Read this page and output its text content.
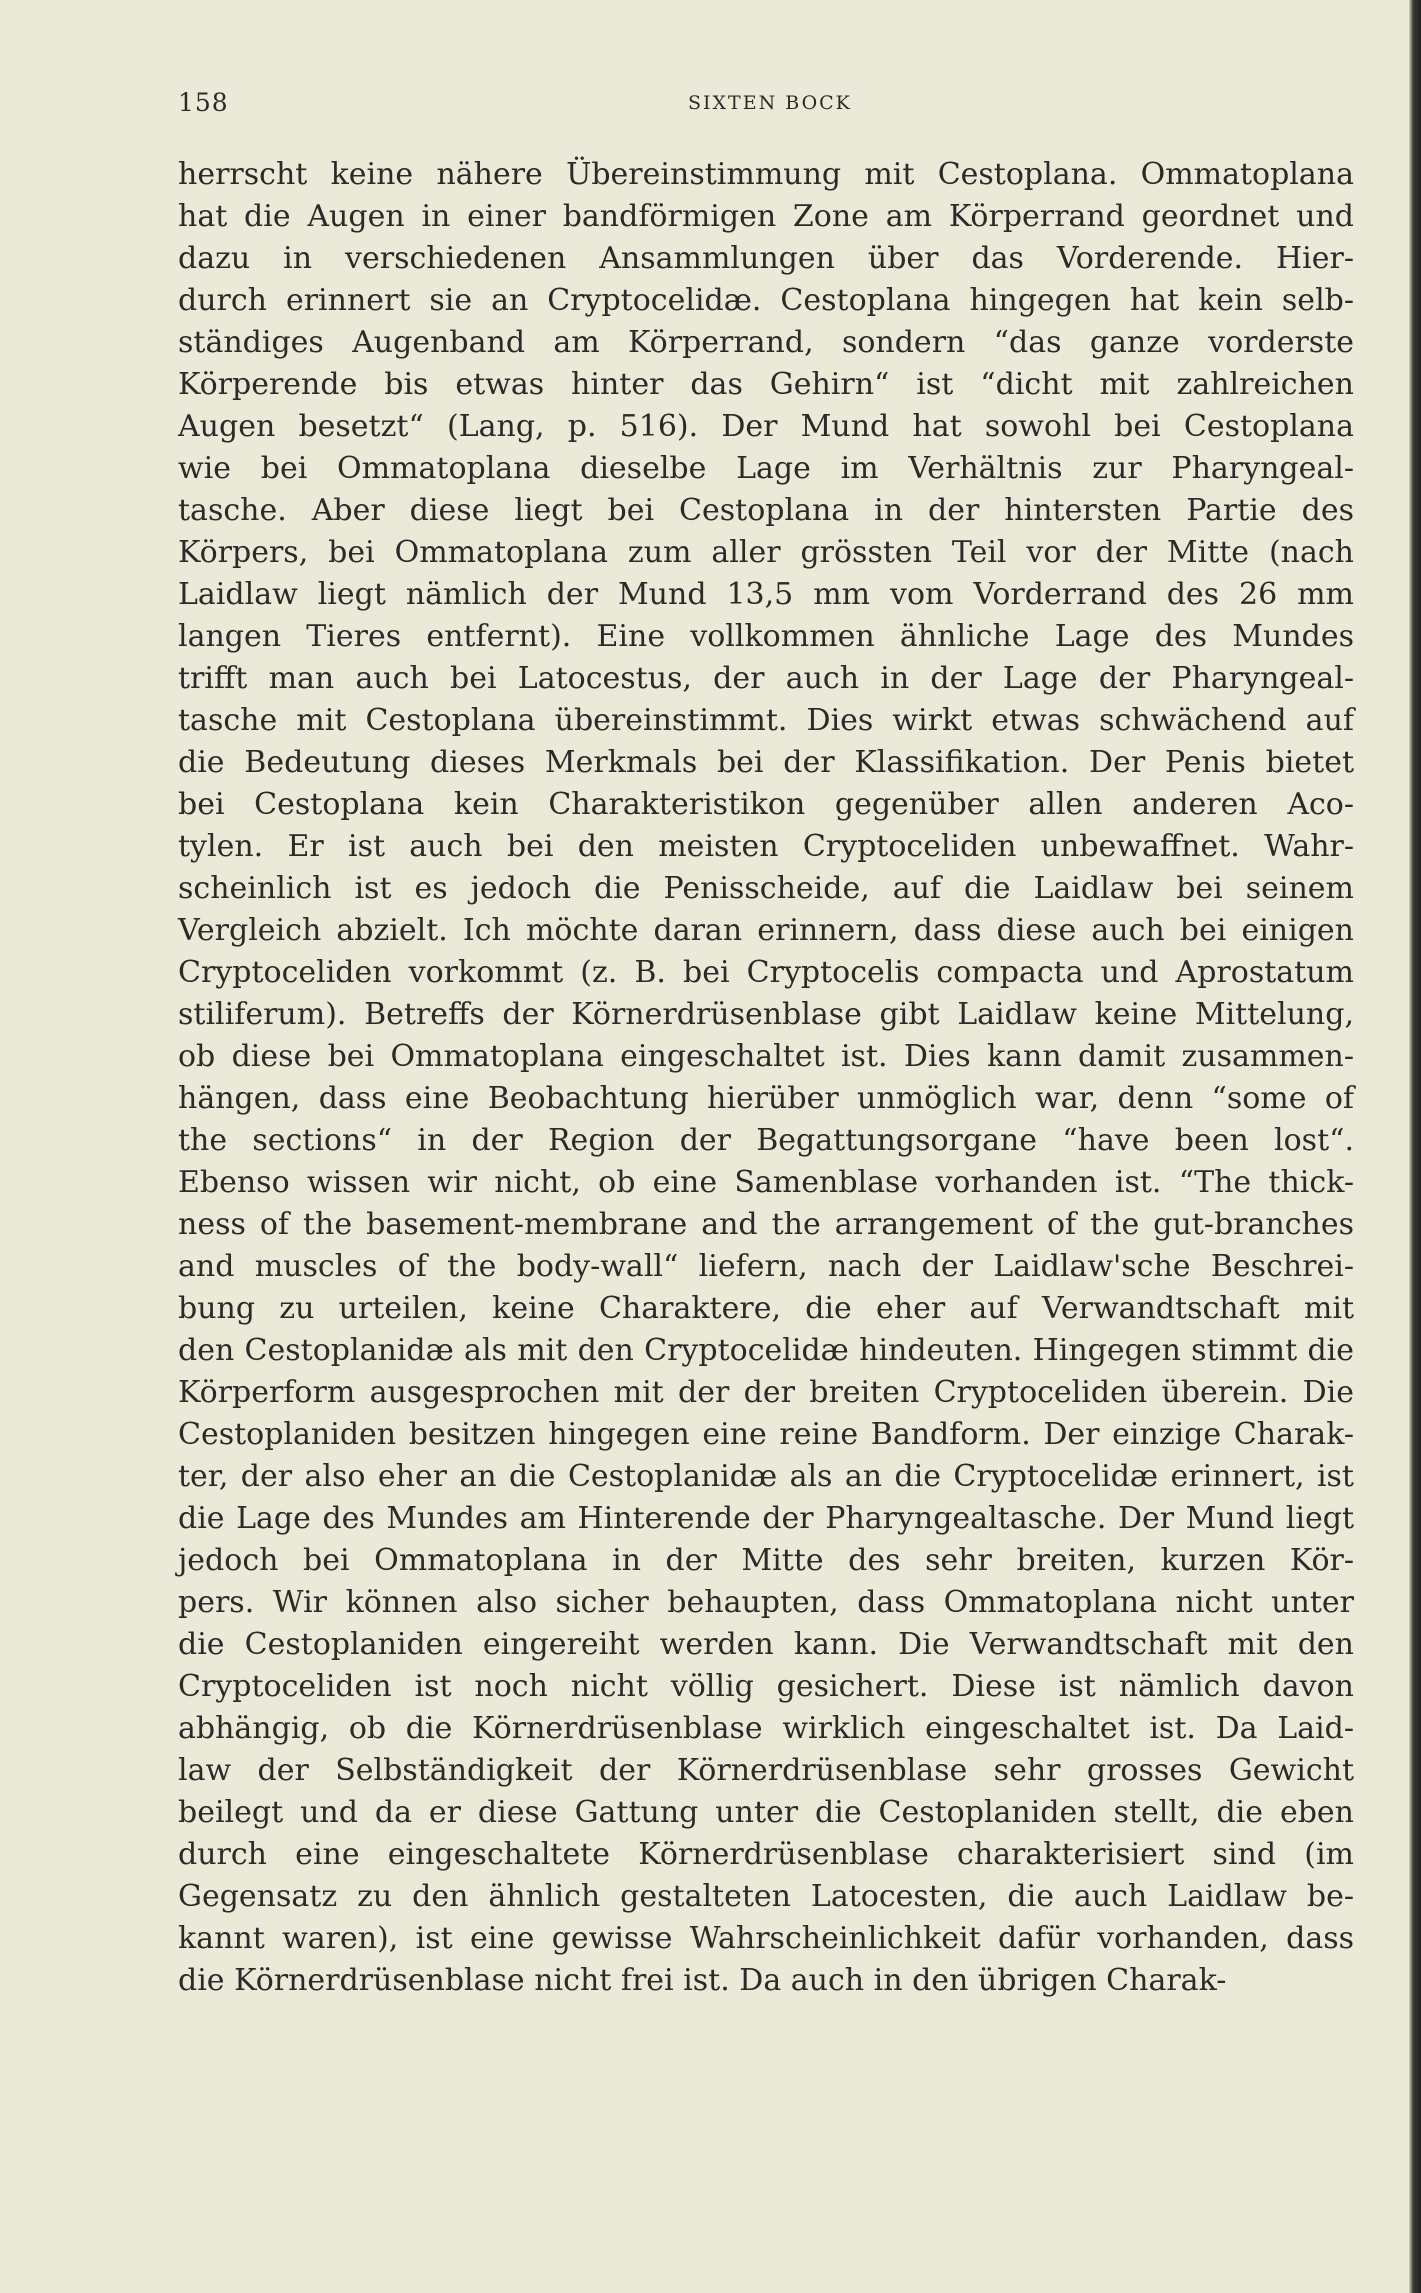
158	SIXTEN BOCK
herrscht keine nähere Übereinstimmung mit Cestoplana. Ommatoplana
hat die Augen in einer bandförmigen Zone am Körperrand geordnet und
dazu in verschiedenen Ansammlungen über das Vorderende. Hier-
durch erinnert sie an Cryptocelidæ. Cestoplana hingegen hat kein selb-
ständiges Augenband am Körperrand, sondern “das ganze vorderste
Körperende bis etwas hinter das Gehirn“ ist “dicht mit zahlreichen
Augen besetzt“ (Lang, p. 516). Der Mund hat sowohl bei Cestoplana
wie bei Ommatoplana dieselbe Lage im Verhältnis zur Pharyngeal-
tasche. Aber diese liegt bei Cestoplana in der hintersten Partie des
Körpers, bei Ommatoplana zum aller grössten Teil vor der Mitte (nach
Laidlaw liegt nämlich der Mund 13,5 mm vom Vorderrand des 26 mm
langen Tieres entfernt). Eine vollkommen ähnliche Lage des Mundes
trifft man auch bei Latocestus, der auch in der Lage der Pharyngeal-
tasche mit Cestoplana übereinstimmt. Dies wirkt etwas schwächend auf
die Bedeutung dieses Merkmals bei der Klassifikation. Der Penis bietet
bei Cestoplana kein Charakteristikon gegenüber allen anderen Aco-
tylen. Er ist auch bei den meisten Cryptoceliden unbewaffnet. Wahr-
scheinlich ist es jedoch die Penisscheide, auf die Laidlaw bei seinem
Vergleich abzielt. Ich möchte daran erinnern, dass diese auch bei einigen
Cryptoceliden vorkommt (z. B. bei Cryptocelis compacta und Aprostatum
stiliferum). Betreffs der Körnerdrüsenblase gibt Laidlaw keine Mittelung,
ob diese bei Ommatoplana eingeschaltet ist. Dies kann damit zusammen-
hängen, dass eine Beobachtung hierüber unmöglich war, denn “some of
the sections“ in der Region der Begattungsorgane “have been lost“.
Ebenso wissen wir nicht, ob eine Samenblase vorhanden ist. “The thick-
ness of the basement-membrane and the arrangement of the gut-branches
and muscles of the body-wall“ liefern, nach der Laidlaw'sche Beschrei-
bung zu urteilen, keine Charaktere, die eher auf Verwandtschaft mit
den Cestoplanidæ als mit den Cryptocelidæ hindeuten. Hingegen stimmt die
Körperform ausgesprochen mit der der breiten Cryptoceliden überein. Die
Cestoplaniden besitzen hingegen eine reine Bandform. Der einzige Charak-
ter, der also eher an die Cestoplanidæ als an die Cryptocelidæ erinnert, ist
die Lage des Mundes am Hinterende der Pharyngealtasche. Der Mund liegt
jedoch bei Ommatoplana in der Mitte des sehr breiten, kurzen Kör-
pers. Wir können also sicher behaupten, dass Ommatoplana nicht unter
die Cestoplaniden eingereiht werden kann. Die Verwandtschaft mit den
Cryptoceliden ist noch nicht völlig gesichert. Diese ist nämlich davon
abhängig, ob die Körnerdrüsenblase wirklich eingeschaltet ist. Da Laid-
law der Selbständigkeit der Körnerdrüsenblase sehr grosses Gewicht
beilegt und da er diese Gattung unter die Cestoplaniden stellt, die eben
durch eine eingeschaltete Körnerdrüsenblase charakterisiert sind (im
Gegensatz zu den ähnlich gestalteten Latocesten, die auch Laidlaw be-
kannt waren), ist eine gewisse Wahrscheinlichkeit dafür vorhanden, dass
die Körnerdrüsenblase nicht frei ist. Da auch in den übrigen Charak-
